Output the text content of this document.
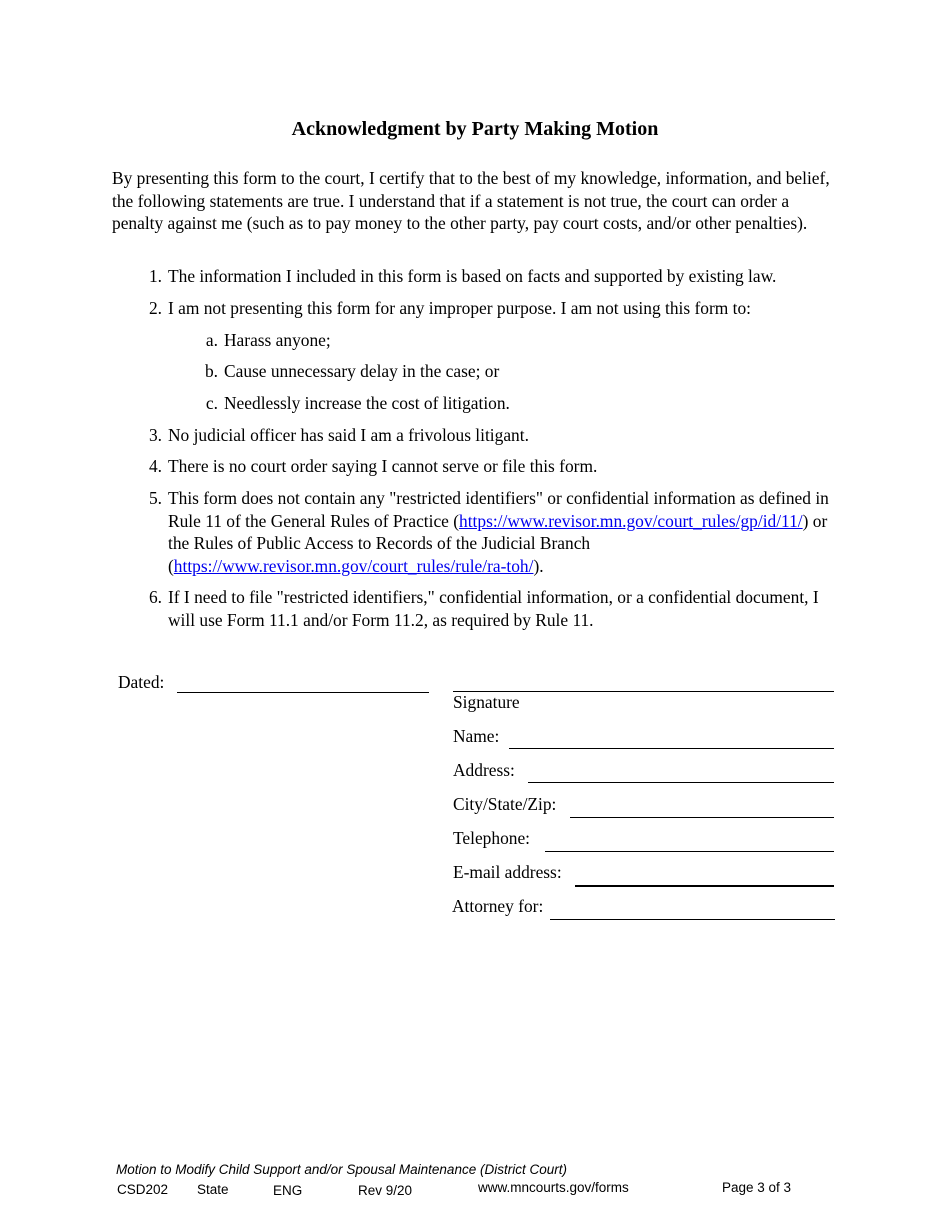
Acknowledgment by Party Making Motion
By presenting this form to the court, I certify that to the best of my knowledge, information, and belief, the following statements are true. I understand that if a statement is not true, the court can order a penalty against me (such as to pay money to the other party, pay court costs, and/or other penalties).
1. The information I included in this form is based on facts and supported by existing law.
2. I am not presenting this form for any improper purpose. I am not using this form to:
a. Harass anyone;
b. Cause unnecessary delay in the case; or
c. Needlessly increase the cost of litigation.
3. No judicial officer has said I am a frivolous litigant.
4. There is no court order saying I cannot serve or file this form.
5. This form does not contain any "restricted identifiers" or confidential information as defined in Rule 11 of the General Rules of Practice (https://www.revisor.mn.gov/court_rules/gp/id/11/) or the Rules of Public Access to Records of the Judicial Branch (https://www.revisor.mn.gov/court_rules/rule/ra-toh/).
6. If I need to file "restricted identifiers," confidential information, or a confidential document, I will use Form 11.1 and/or Form 11.2, as required by Rule 11.
Dated:
Signature
Name:
Address:
City/State/Zip:
Telephone:
E-mail address:
Attorney for:
Motion to Modify Child Support and/or Spousal Maintenance (District Court)
CSD202 State	ENG	Rev 9/20	www.mncourts.gov/forms	Page 3 of 3
